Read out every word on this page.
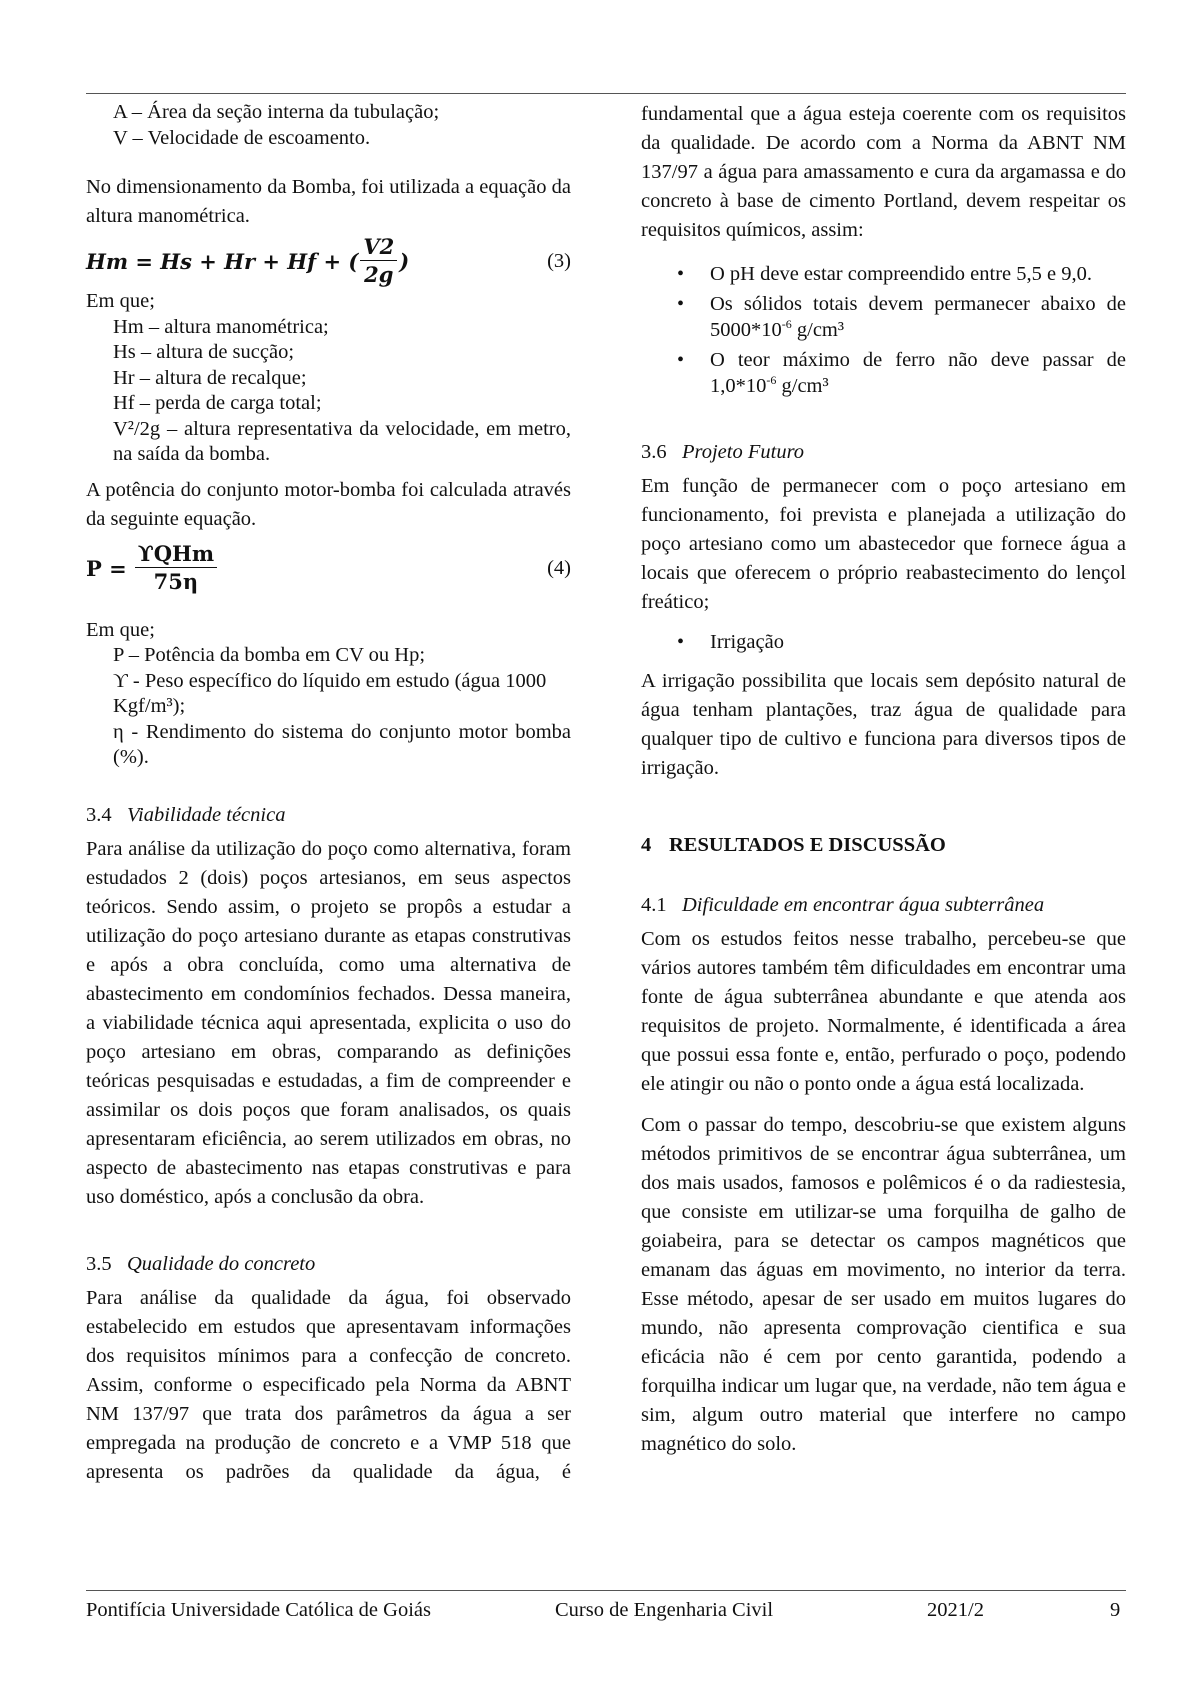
A – Área da seção interna da tubulação;

V – Velocidade de escoamento.

No dimensionamento da Bomba, foi utilizada a equação da altura manométrica.

Hm = Hs + Hr + Hf + ( $\frac{V2}{2g}$ )	(3)

Em que;

Hm – altura manométrica;

Hs – altura de sucção;

Hr – altura de recalque;

Hf – perda de carga total;

V²/2g – altura representativa da velocidade, em metro, na saída da bomba.

A potência do conjunto motor-bomba foi calculada através da seguinte equação.

$P = \frac{\text{ϒQHm}}{75\eta}$	(4)

Em que;

P – Potência da bomba em CV ou Hp;

ϒ - Peso específico do líquido em estudo (água 1000 Kgf/m³);

η - Rendimento do sistema do conjunto motor bomba (%).

3.4 Viabilidade técnica

Para análise da utilização do poço como alternativa, foram estudados 2 (dois) poços artesianos, em seus aspectos teóricos. Sendo assim, o projeto se propôs a estudar a utilização do poço artesiano durante as etapas construtivas e após a obra concluída, como uma alternativa de abastecimento em condomínios fechados. Dessa maneira, a viabilidade técnica aqui apresentada, explicita o uso do poço artesiano em obras, comparando as definições teóricas pesquisadas e estudadas, a fim de compreender e assimilar os dois poços que foram analisados, os quais apresentaram eficiência, ao serem utilizados em obras, no aspecto de abastecimento nas etapas construtivas e para uso doméstico, após a conclusão da obra.

3.5 Qualidade do concreto

Para análise da qualidade da água, foi observado estabelecido em estudos que apresentavam informações dos requisitos mínimos para a confecção de concreto. Assim, conforme o especificado pela Norma da ABNT NM 137/97 que trata dos parâmetros da água a ser empregada na produção de concreto e a VMP 518 que apresenta os padrões da qualidade da água, é

fundamental que a água esteja coerente com os requisitos da qualidade. De acordo com a Norma da ABNT NM 137/97 a água para amassamento e cura da argamassa e do concreto à base de cimento Portland, devem respeitar os requisitos químicos, assim:

• O pH deve estar compreendido entre 5,5 e 9,0.
• Os sólidos totais devem permanecer abaixo de $5000*10^{-6}$ g/cm³
• O teor máximo de ferro não deve passar de $1,0*10^{-6}$ g/cm³

3.6 Projeto Futuro

Em função de permanecer com o poço artesiano em funcionamento, foi prevista e planejada a utilização do poço artesiano como um abastecedor que fornece água a locais que oferecem o próprio reabastecimento do lençol freático;

• Irrigação

A irrigação possibilita que locais sem depósito natural de água tenham plantações, traz água de qualidade para qualquer tipo de cultivo e funciona para diversos tipos de irrigação.

4 RESULTADOS E DISCUSSÃO

4.1 Dificuldade em encontrar água subterrânea

Com os estudos feitos nesse trabalho, percebeu-se que vários autores também têm dificuldades em encontrar uma fonte de água subterrânea abundante e que atenda aos requisitos de projeto. Normalmente, é identificada a área que possui essa fonte e, então, perfurado o poço, podendo ele atingir ou não o ponto onde a água está localizada.

Com o passar do tempo, descobriu-se que existem alguns métodos primitivos de se encontrar água subterrânea, um dos mais usados, famosos e polêmicos é o da radiestesia, que consiste em utilizar-se uma forquilha de galho de goiabeira, para se detectar os campos magnéticos que emanam das águas em movimento, no interior da terra. Esse método, apesar de ser usado em muitos lugares do mundo, não apresenta comprovação cientifica e sua eficácia não é cem por cento garantida, podendo a forquilha indicar um lugar que, na verdade, não tem água e sim, algum outro material que interfere no campo magnético do solo.

Pontifícia Universidade Católica de Goiás	Curso de Engenharia Civil	2021/2	9
